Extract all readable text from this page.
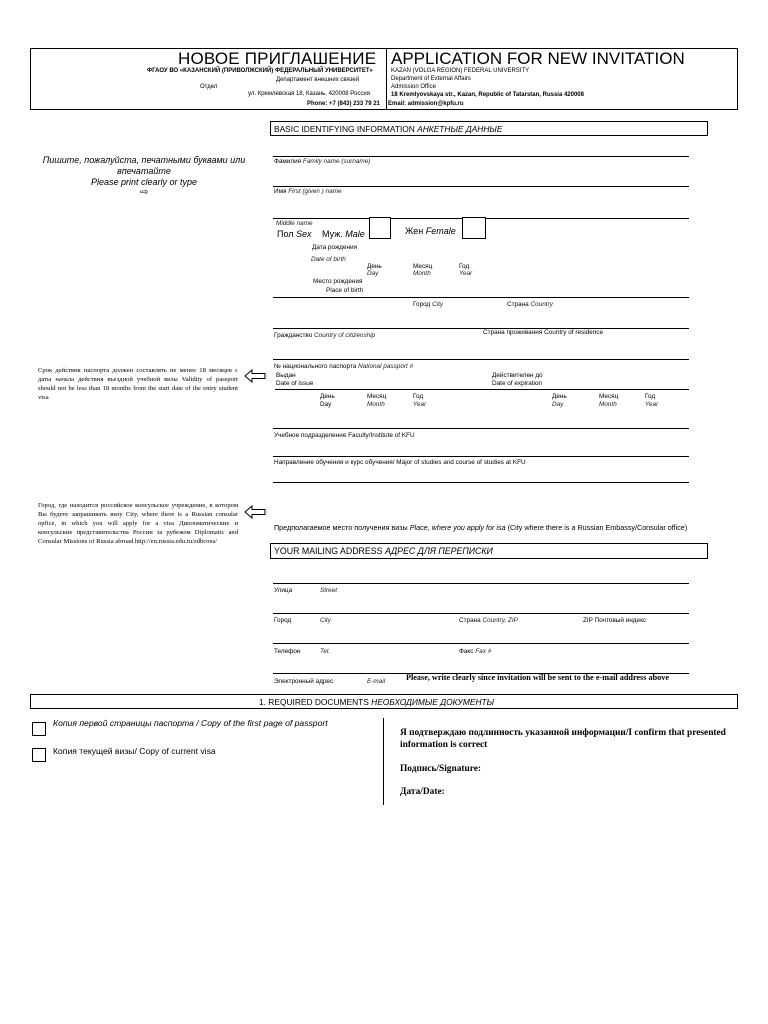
НОВОЕ ПРИГЛАШЕНИЕ APPLICATION FOR NEW INVITATION
ФГАОУ ВО «КАЗАНСКИЙ (ПРИВОЛЖСКИЙ) ФЕДЕРАЛЬНЫЙ УНИВЕРСИТЕТ»
Департамент внешних связей
Отдел
ул. Кремлевская 18, Казань, 420008 Россия
Phone: +7 (843) 233 79 21
KAZAN (VOLGA REGION) FEDERAL UNIVERSITY
Department of External Affairs
Admission Office
18 Kremlyovskaya str., Kazan, Republic of Tatarstan, Russia 420008
Email: admission@kpfu.ru
Пишите, пожалуйста, печатными буквами или впечатайте
Please print clearly or type
⇨
Срок действия паспорта должен составлять не менее 18 месяцев с даты начала действия въездной учебной визы Validity of passport should not be less than 18 months from the start date of the entry student visa
Город, где находится российское консульское учреждение, в котором Вы будете запрашивать визу City, where there is a Russian consular opfice, in which you will apply for a visa Дипломатические и консульские представительства России за рубежом Diplomatic and Consular Missions of Russia abroad http://en.russia.edu.ru/sdbcons/
BASIC IDENTIFYING INFORMATION АНКЕТНЫЕ ДАННЫЕ
Фамилия Family name (surname)
Имя First (given ) name
Middle name
Пол Sex Муж. Male	Жен Female
Дата рождения
Date of birth
День
Day
Месяц
Month
Год
Year
Место рождения
Place of birth
Город City	Страна Country
Гражданство Country of citizenship	Страна проживания Country of residence
№ национального паспорта National passport #
Выдан
Date of issue
Действителен до
Date of expiration
День
Day
Месяц
Month
Год
Year
День
Day
Месяц
Month
Год
Year
Учебное подразделение Faculty/Institute of KFU
Направление обучения и курс обучения/ Major of studies and course of studies at KFU
Предполагаемое место получения визы Place, where you apply for isa (City where there is a Russian Embassy/Consular office)
YOUR MAILING ADDRESS АДРЕС ДЛЯ ПЕРЕПИСКИ
Улица	Street
Город	City	Страна Country, ZIP	ZIP Почтовый индекс
Телефон	Tel.	Факс Fax #
Электронный адрес	E-mail	Please, write clearly since invitation will be sent to the e-mail address above
1. REQUIRED DOCUMENTS НЕОБХОДИМЫЕ ДОКУМЕНТЫ
Копия первой страницы паспорта / Copy of the first page of passport
Копия текущей визы/ Copy of current visa
Я подтверждаю подлинность указанной информации/I confirm that presented information is correct
Подпись/Signature:
Дата/Date:
